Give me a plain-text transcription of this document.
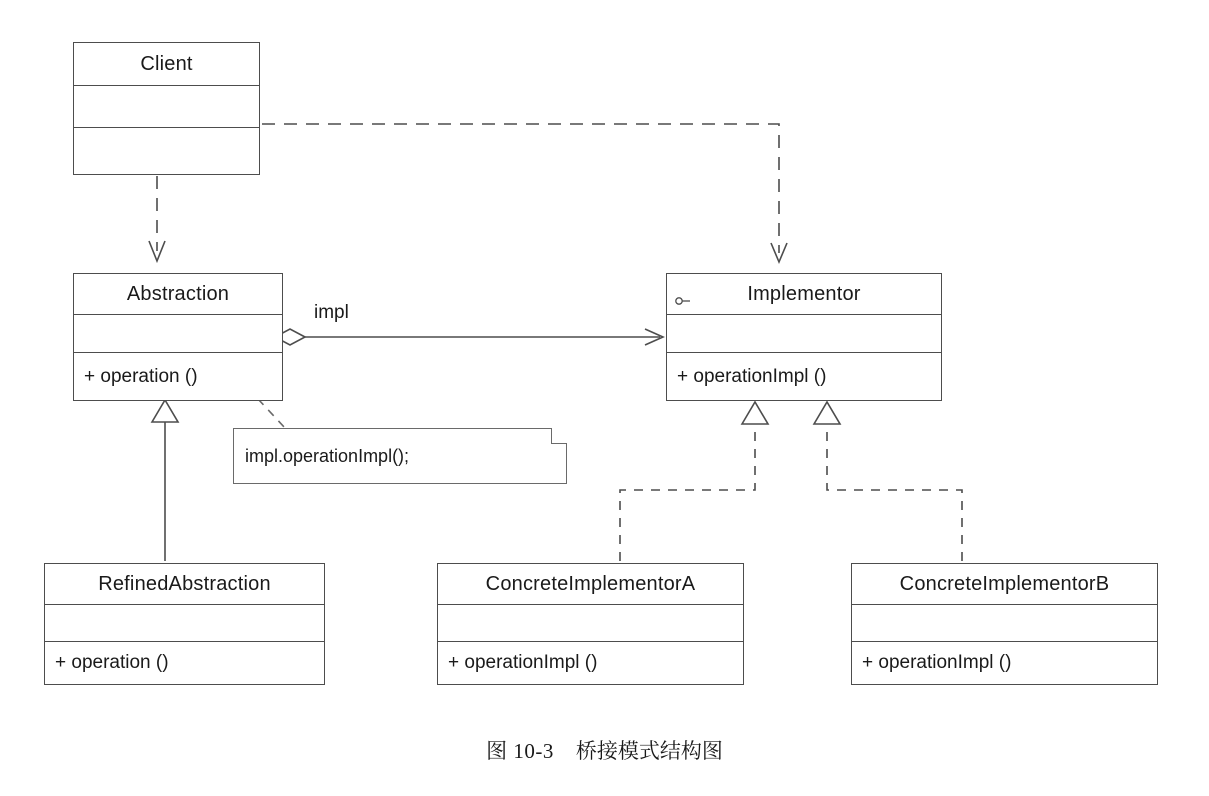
Client
Abstraction
+ operation ()
Implementor
+ operationImpl ()
RefinedAbstraction
+ operation ()
ConcreteImplementorA
+ operationImpl ()
ConcreteImplementorB
+ operationImpl ()
impl
impl.operationImpl();
图 10-3 桥接模式结构图
